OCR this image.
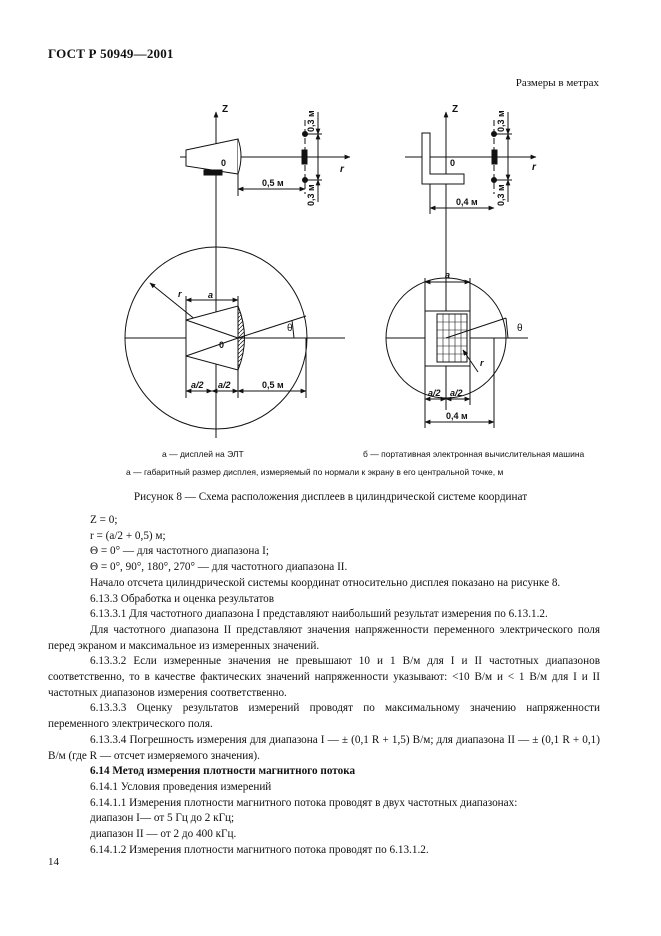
ГОСТ Р 50949—2001
Размеры в метрах
Z
r
0
0,3 м
0,3 м
0,5 м
r	a
0
θ
a/2 a/2	0,5 м
Z
r
0
0,3 м
0,3 м
0,4 м
a
θ
r
a/2 a/2
0,4 м
а — дисплей на ЭЛТ	б — портативная электронная вычислительная машина
а — габаритный размер дисплея, измеряемый по нормали к экрану в его центральной точке, м
Рисунок 8 — Схема расположения дисплеев в цилиндрической системе координат

Z = 0;

r = (a/2 + 0,5) м;

Θ = 0° — для частотного диапазона I;

Θ = 0°, 90°, 180°, 270° — для частотного диапазона II.

Начало отсчета цилиндрической системы координат относительно дисплея показано на рисунке 8.

6.13.3 Обработка и оценка результатов

6.13.3.1 Для частотного диапазона I представляют наибольший результат измерения по 6.13.1.2.

Для частотного диапазона II представляют значения напряженности переменного электрического поля перед экраном и максимальное из измеренных значений.

6.13.3.2 Если измеренные значения не превышают 10 и 1 В/м для I и II частотных диапазонов соответственно, то в качестве фактических значений напряженности указывают: <10 В/м и < 1 В/м для I и II частотных диапазонов измерения соответственно.

6.13.3.3 Оценку результатов измерений проводят по максимальному значению напряженности переменного электрического поля.

6.13.3.4 Погрешность измерения для диапазона I — ± (0,1 R + 1,5) В/м; для диапазона II — ± (0,1 R + 0,1) В/м (где R — отсчет измеряемого значения).

6.14 Метод измерения плотности магнитного потока

6.14.1 Условия проведения измерений

6.14.1.1 Измерения плотности магнитного потока проводят в двух частотных диапазонах:

диапазон I— от 5 Гц до 2 кГц;

диапазон II — от 2 до 400 кГц.

6.14.1.2 Измерения плотности магнитного потока проводят по 6.13.1.2.

14
